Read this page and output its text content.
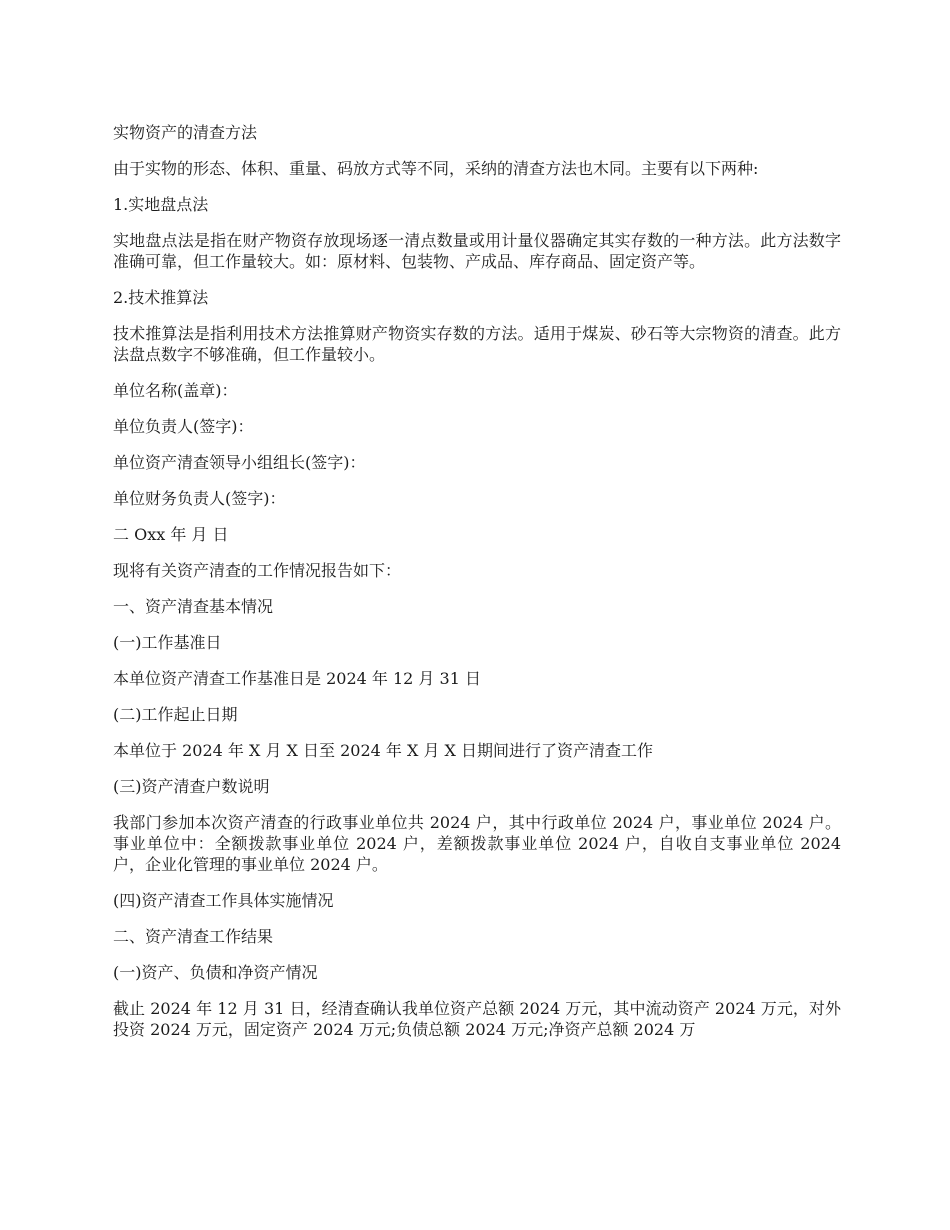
实物资产的清查方法

由于实物的形态、体积、重量、码放方式等不同，采纳的清查方法也木同。主要有以下两种:

1.实地盘点法

实地盘点法是指在财产物资存放现场逐一清点数量或用计量仪器确定其实存数的一种方法。此方法数字准确可靠，但工作量较大。如：原材料、包装物、产成品、库存商品、固定资产等。

2.技术推算法

技术推算法是指利用技术方法推算财产物资实存数的方法。适用于煤炭、砂石等大宗物资的清查。此方法盘点数字不够准确，但工作量较小。

单位名称(盖章)：

单位负责人(签字)：

单位资产清查领导小组组长(签字)：

单位财务负责人(签字)：

二 Oxx 年 月 日

现将有关资产清查的工作情况报告如下：

一、资产清查基本情况

(一)工作基准日

本单位资产清查工作基准日是 2024 年 12 月 31 日

(二)工作起止日期

本单位于 2024 年 X 月 X 日至 2024 年 X 月 X 日期间进行了资产清查工作

(三)资产清查户数说明

我部门参加本次资产清查的行政事业单位共 2024 户，其中行政单位 2024 户，事业单位 2024 户。事业单位中：全额拨款事业单位 2024 户，差额拨款事业单位 2024 户，自收自支事业单位 2024 户，企业化管理的事业单位 2024 户。

(四)资产清查工作具体实施情况

二、资产清查工作结果

(一)资产、负债和净资产情况

截止 2024 年 12 月 31 日，经清查确认我单位资产总额 2024 万元，其中流动资产 2024 万元，对外投资 2024 万元，固定资产 2024 万元;负债总额 2024 万元;净资产总额 2024 万
